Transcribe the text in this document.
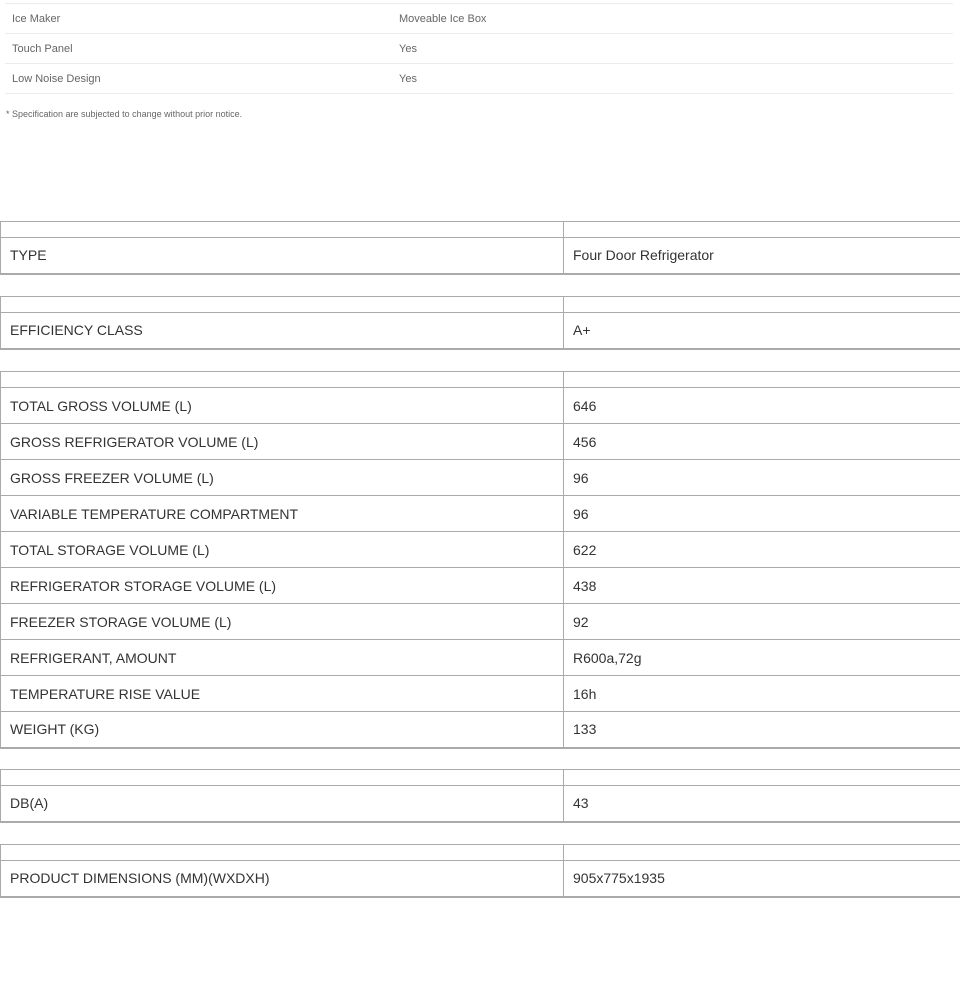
Ice Maker	Moveable Ice Box
Touch Panel	Yes
Low Noise Design	Yes
* Specification are subjected to change without prior notice.

TYPE	Four Door Refrigerator

EFFICIENCY CLASS	A+

TOTAL GROSS VOLUME (L)	646
GROSS REFRIGERATOR VOLUME (L)	456
GROSS FREEZER VOLUME (L)	96
VARIABLE TEMPERATURE COMPARTMENT	96
TOTAL STORAGE VOLUME (L)	622
REFRIGERATOR STORAGE VOLUME (L)	438
FREEZER STORAGE VOLUME (L)	92
REFRIGERANT, AMOUNT	R600a,72g
TEMPERATURE RISE VALUE	16h
WEIGHT (KG)	133

DB(A)	43

PRODUCT DIMENSIONS (MM)(WXDXH)	905x775x1935
